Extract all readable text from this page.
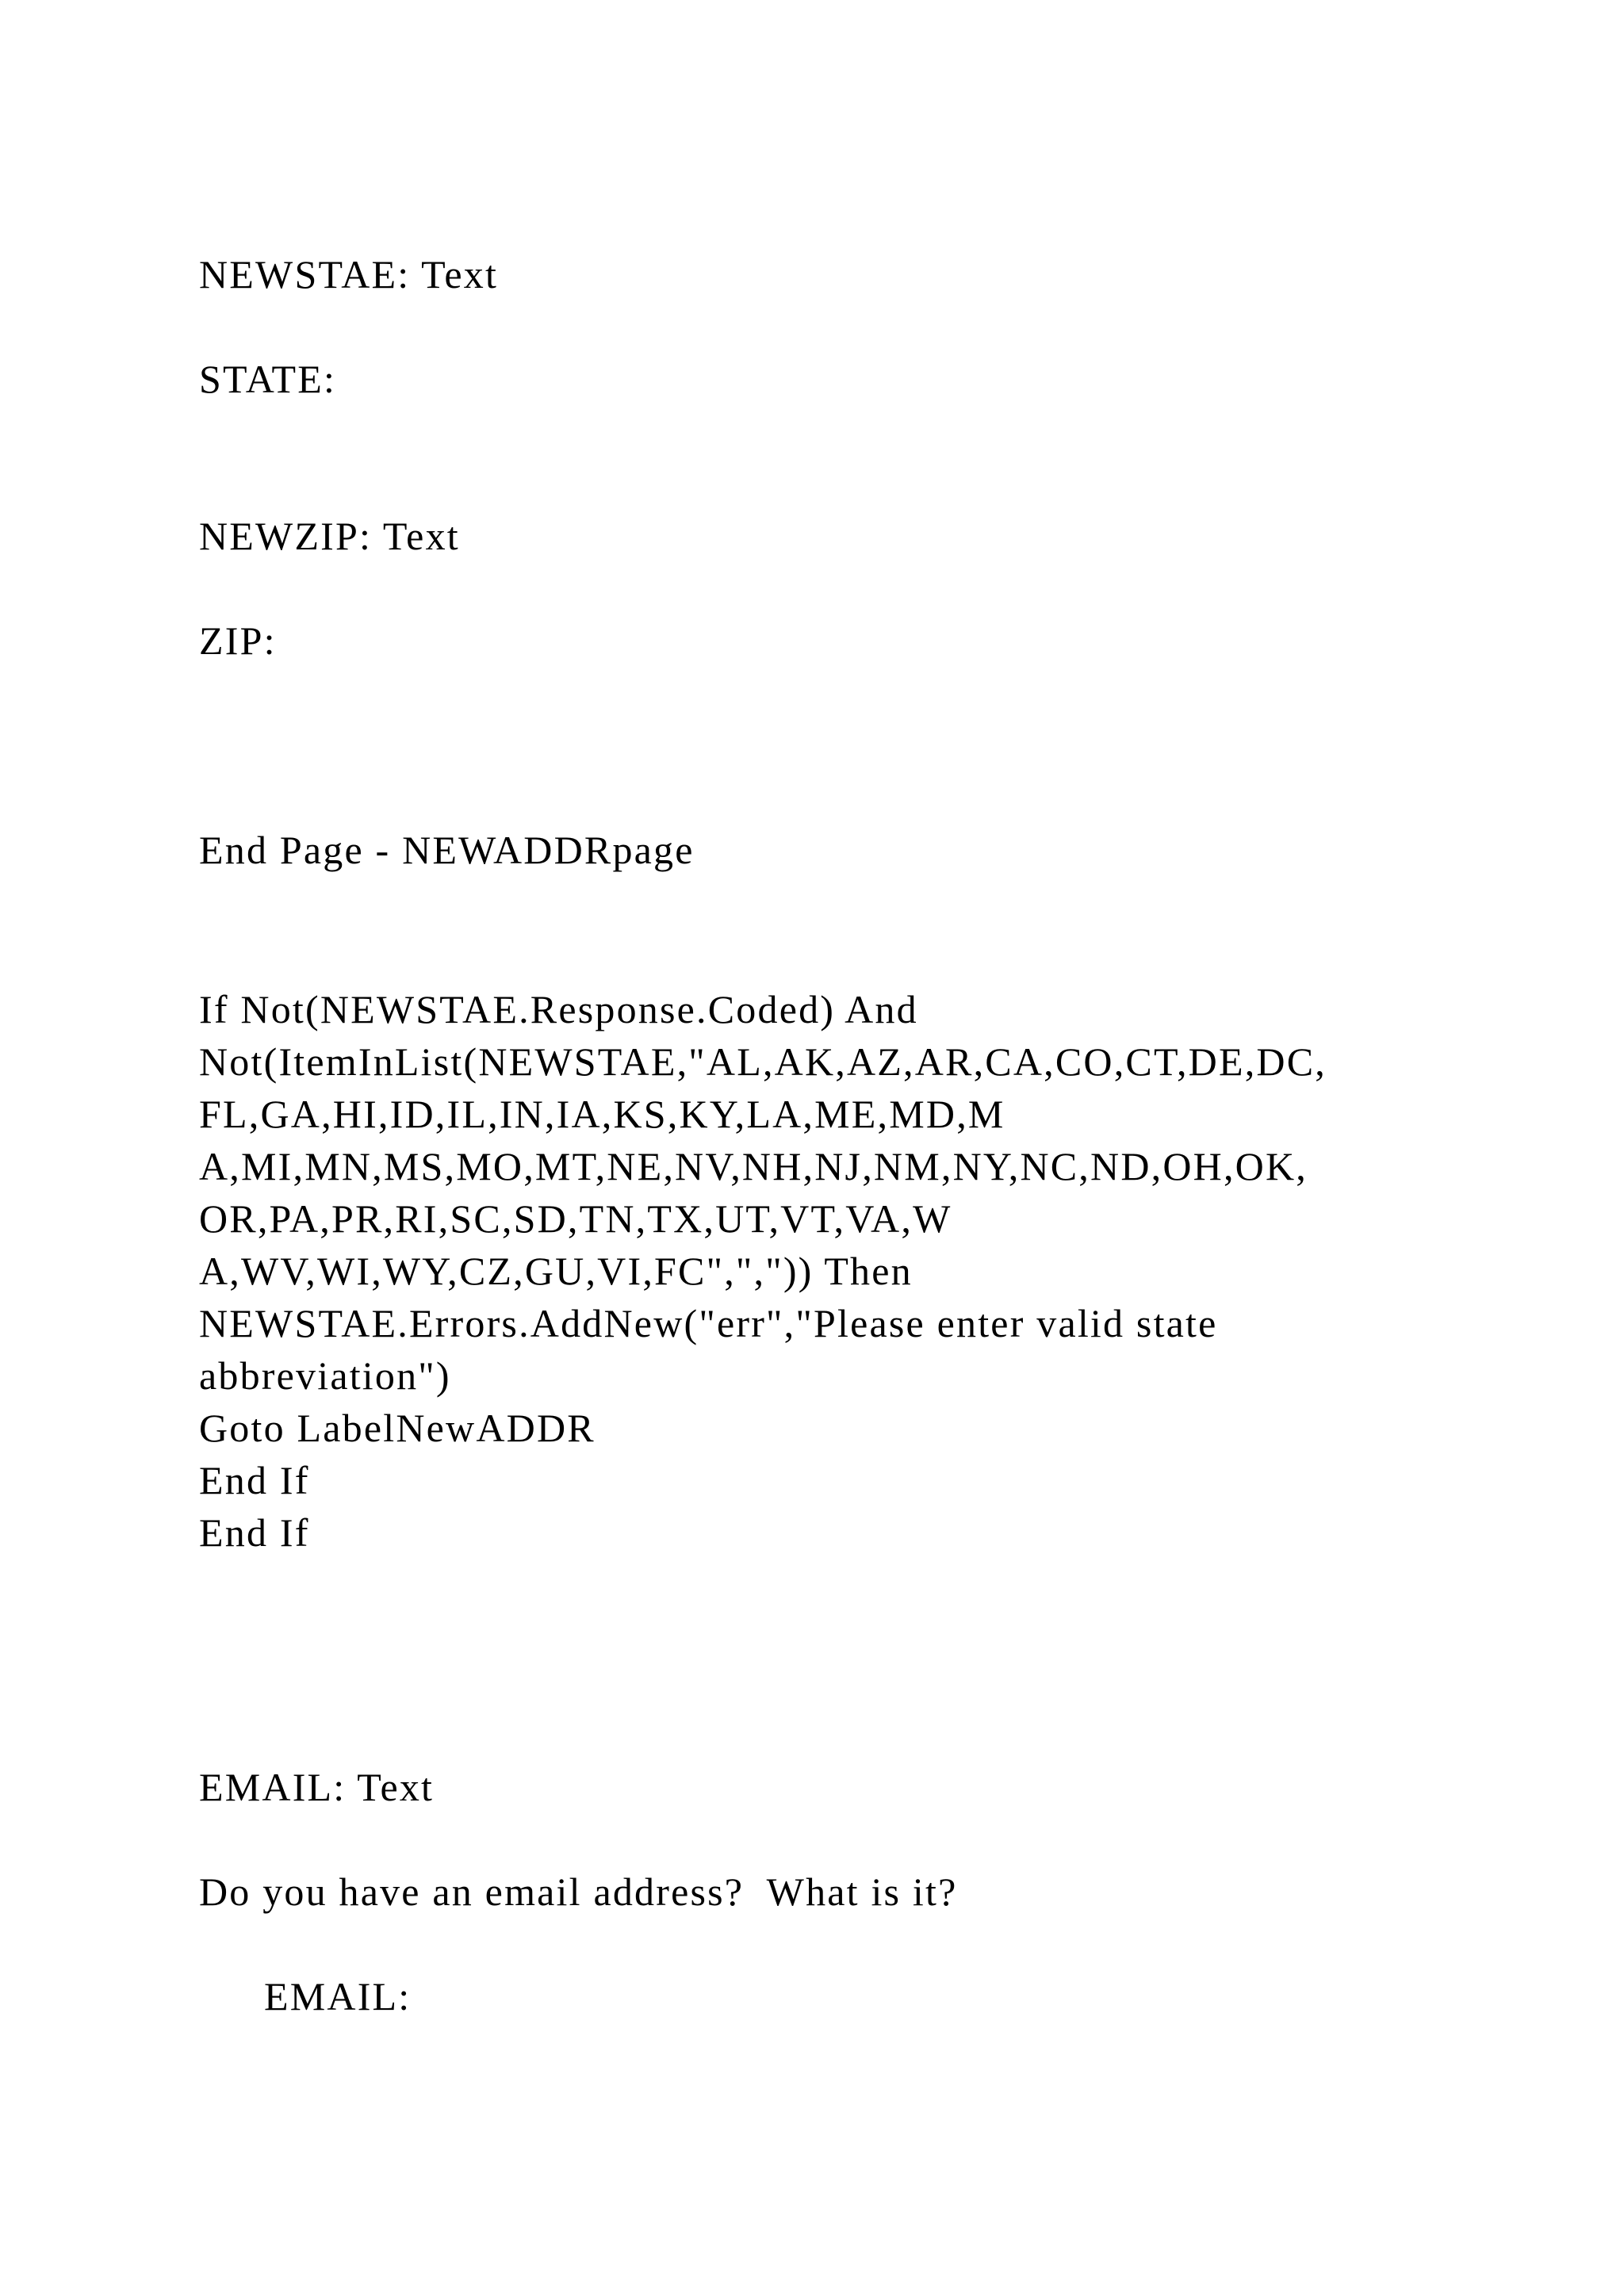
NEWSTAE: Text
STATE:
NEWZIP: Text
ZIP:
End Page - NEWADDRpage
If Not(NEWSTAE.Response.Coded) And
Not(ItemInList(NEWSTAE,"AL,AK,AZ,AR,CA,CO,CT,DE,DC,
FL,GA,HI,ID,IL,IN,IA,KS,KY,LA,ME,MD,M
A,MI,MN,MS,MO,MT,NE,NV,NH,NJ,NM,NY,NC,ND,OH,OK,
OR,PA,PR,RI,SC,SD,TN,TX,UT,VT,VA,W
A,WV,WI,WY,CZ,GU,VI,FC",",")) Then
NEWSTAE.Errors.AddNew("err","Please enter valid state
abbreviation")
Goto LabelNewADDR
End If
End If
EMAIL: Text
Do you have an email address?  What is it?
EMAIL:
